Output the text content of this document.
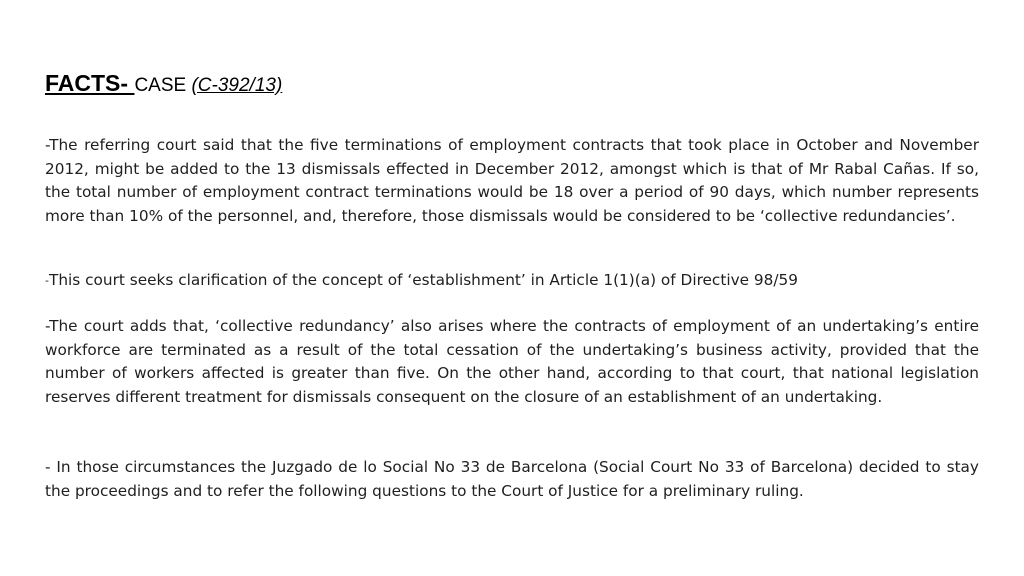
FACTS- CASE (C-392/13)

-The referring court said that the five terminations of employment contracts that took place in October and November 2012, might be added to the 13 dismissals effected in December 2012, amongst which is that of Mr Rabal Cañas. If so, the total number of employment contract terminations would be 18 over a period of 90 days, which number represents more than 10% of the personnel, and, therefore, those dismissals would be considered to be ‘collective redundancies’.

-This court seeks clarification of the concept of ‘establishment’ in Article 1(1)(a) of Directive 98/59

-The court adds that, ‘collective redundancy’ also arises where the contracts of employment of an undertaking’s entire workforce are terminated as a result of the total cessation of the undertaking’s business activity, provided that the number of workers affected is greater than five. On the other hand, according to that court, that national legislation reserves different treatment for dismissals consequent on the closure of an establishment of an undertaking.

- In those circumstances the Juzgado de lo Social No 33 de Barcelona (Social Court No 33 of Barcelona) decided to stay the proceedings and to refer the following questions to the Court of Justice for a preliminary ruling.
